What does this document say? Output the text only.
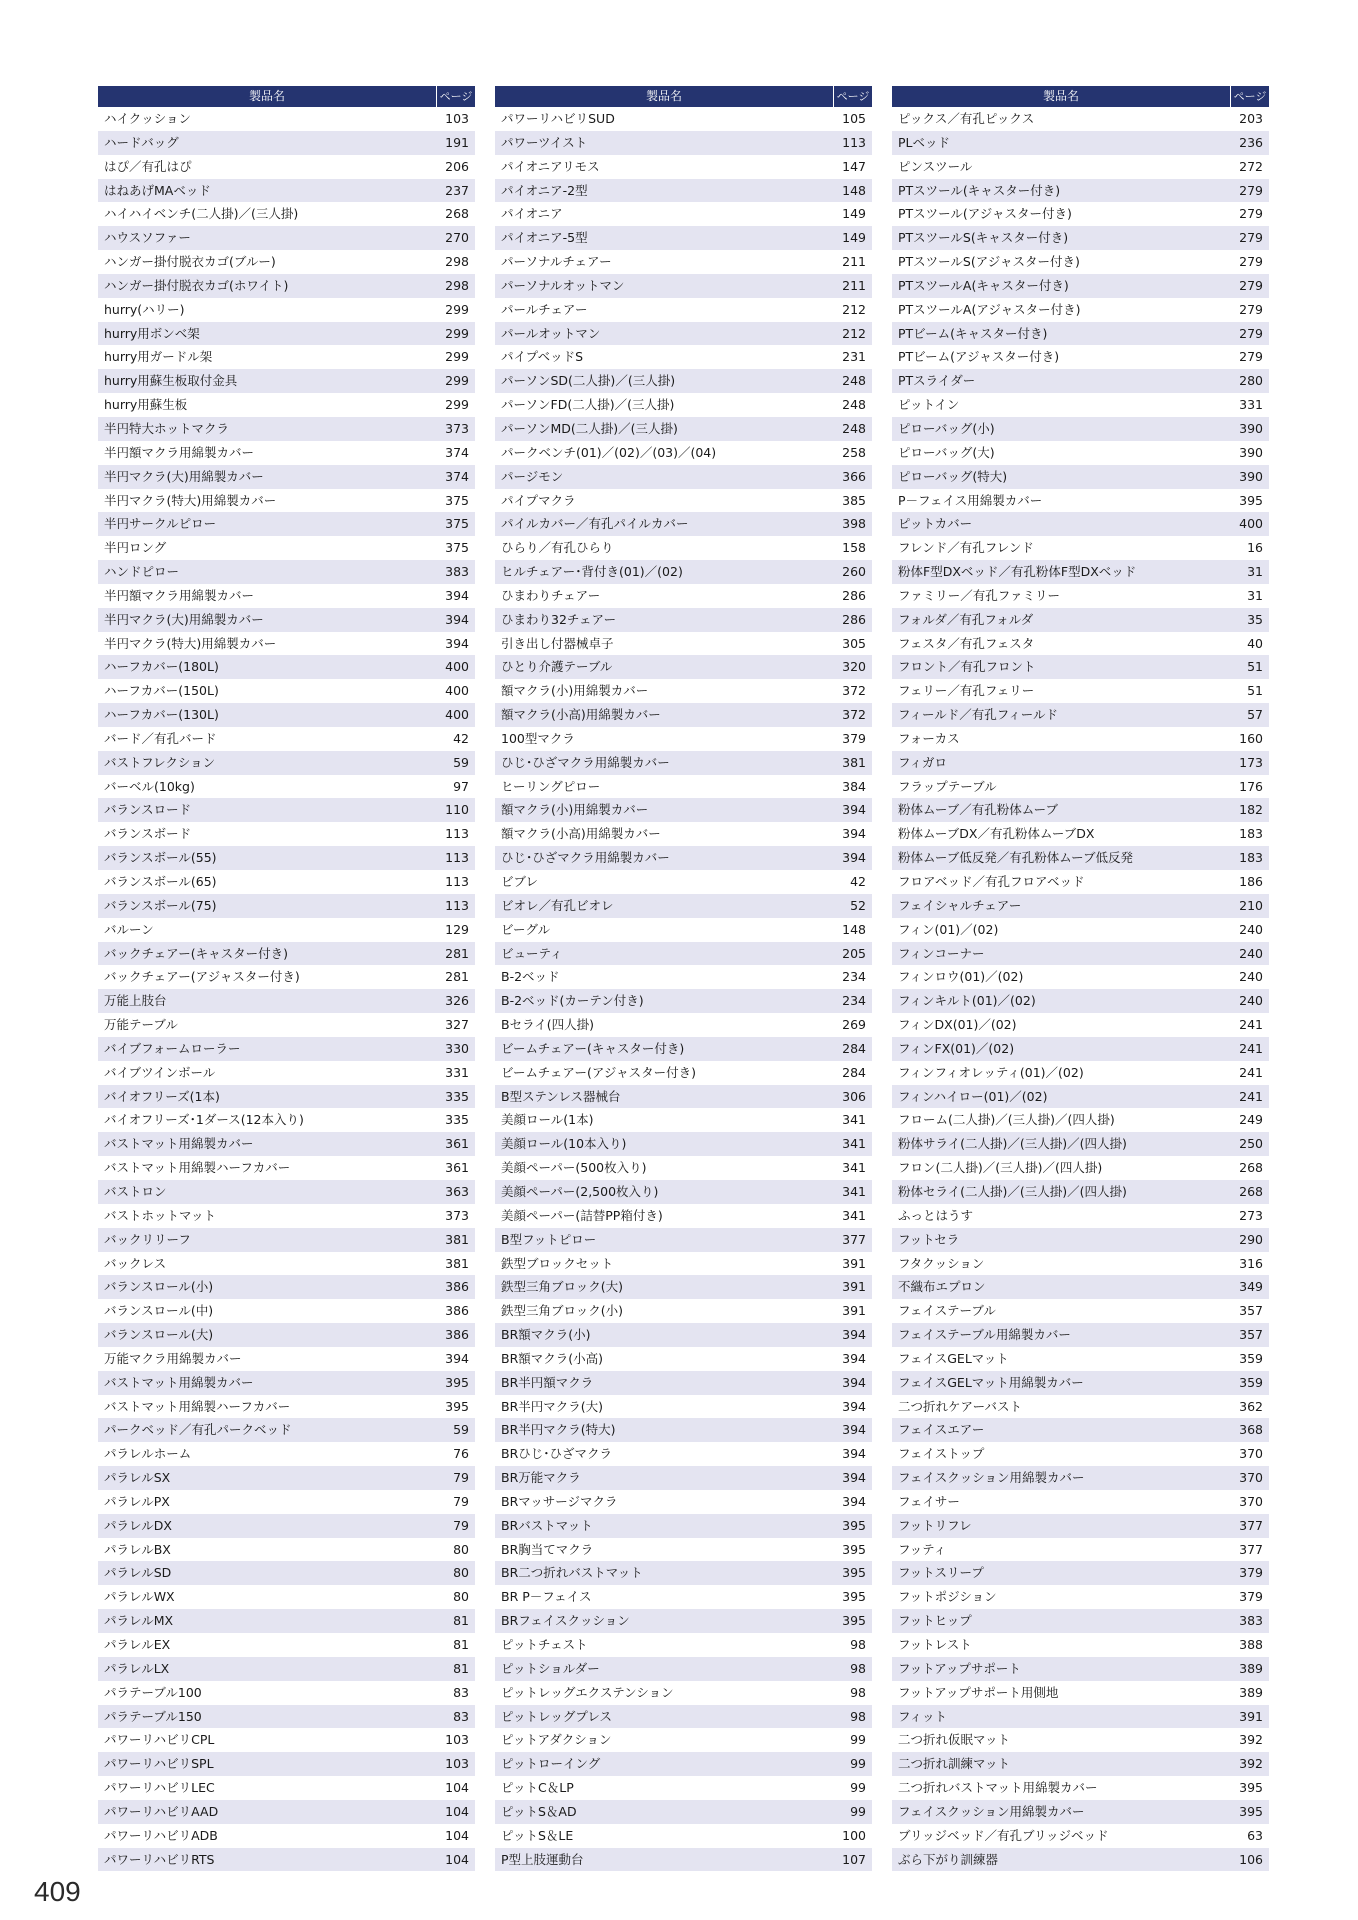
製品名	ページ
ハイクッション	103
ハードバッグ	191
はぴ／有孔はぴ	206
はねあげMAベッド	237
ハイハイベンチ(二人掛)／(三人掛)	268
ハウスソファー	270
ハンガー掛付脱衣カゴ(ブルー)	298
ハンガー掛付脱衣カゴ(ホワイト)	298
hurry(ハリー)	299
hurry用ボンベ架	299
hurry用ガードル架	299
hurry用蘇生板取付金具	299
hurry用蘇生板	299
半円特大ホットマクラ	373
半円額マクラ用綿製カバー	374
半円マクラ(大)用綿製カバー	374
半円マクラ(特大)用綿製カバー	375
半円サークルピロー	375
半円ロング	375
ハンドピロー	383
半円額マクラ用綿製カバー	394
半円マクラ(大)用綿製カバー	394
半円マクラ(特大)用綿製カバー	394
ハーフカバー(180L)	400
ハーフカバー(150L)	400
ハーフカバー(130L)	400
バード／有孔バード	42
バストフレクション	59
バーベル(10kg)	97
バランスロード	110
バランスボード	113
バランスボール(55)	113
バランスボール(65)	113
バランスボール(75)	113
バルーン	129
バックチェアー(キャスター付き)	281
バックチェアー(アジャスター付き)	281
万能上肢台	326
万能テーブル	327
バイブフォームローラー	330
バイブツインボール	331
バイオフリーズ(1本)	335
バイオフリーズ･1ダース(12本入り)	335
バストマット用綿製カバー	361
バストマット用綿製ハーフカバー	361
バストロン	363
バストホットマット	373
バックリリーフ	381
バックレス	381
バランスロール(小)	386
バランスロール(中)	386
バランスロール(大)	386
万能マクラ用綿製カバー	394
バストマット用綿製カバー	395
バストマット用綿製ハーフカバー	395
パークベッド／有孔パークベッド	59
パラレルホーム	76
パラレルSX	79
パラレルPX	79
パラレルDX	79
パラレルBX	80
パラレルSD	80
パラレルWX	80
パラレルMX	81
パラレルEX	81
パラレルLX	81
パラテーブル100	83
パラテーブル150	83
パワーリハビリCPL	103
パワーリハビリSPL	103
パワーリハビリLEC	104
パワーリハビリAAD	104
パワーリハビリADB	104
パワーリハビリRTS	104
製品名	ページ
パワーリハビリSUD	105
パワーツイスト	113
パイオニアリモス	147
パイオニア-2型	148
パイオニア	149
パイオニア-5型	149
パーソナルチェアー	211
パーソナルオットマン	211
パールチェアー	212
パールオットマン	212
パイプベッドS	231
パーソンSD(二人掛)／(三人掛)	248
パーソンFD(二人掛)／(三人掛)	248
パーソンMD(二人掛)／(三人掛)	248
パークベンチ(01)／(02)／(03)／(04)	258
パージモン	366
パイプマクラ	385
パイルカバー／有孔パイルカバー	398
ひらり／有孔ひらり	158
ヒルチェアー･背付き(01)／(02)	260
ひまわりチェアー	286
ひまわり32チェアー	286
引き出し付器械卓子	305
ひとり介護テーブル	320
額マクラ(小)用綿製カバー	372
額マクラ(小高)用綿製カバー	372
100型マクラ	379
ひじ･ひざマクラ用綿製カバー	381
ヒーリングピロー	384
額マクラ(小)用綿製カバー	394
額マクラ(小高)用綿製カバー	394
ひじ･ひざマクラ用綿製カバー	394
ビブレ	42
ビオレ／有孔ビオレ	52
ビーグル	148
ビューティ	205
B-2ベッド	234
B-2ベッド(カーテン付き)	234
Bセライ(四人掛)	269
ビームチェアー(キャスター付き)	284
ビームチェアー(アジャスター付き)	284
B型ステンレス器械台	306
美顔ロール(1本)	341
美顔ロール(10本入り)	341
美顔ペーパー(500枚入り)	341
美顔ペーパー(2,500枚入り)	341
美顔ペーパー(詰替PP箱付き)	341
B型フットピロー	377
鉄型ブロックセット	391
鉄型三角ブロック(大)	391
鉄型三角ブロック(小)	391
BR額マクラ(小)	394
BR額マクラ(小高)	394
BR半円額マクラ	394
BR半円マクラ(大)	394
BR半円マクラ(特大)	394
BRひじ･ひざマクラ	394
BR万能マクラ	394
BRマッサージマクラ	394
BRバストマット	395
BR胸当てマクラ	395
BR二つ折れバストマット	395
BR P－フェイス	395
BRフェイスクッション	395
ピットチェスト	98
ピットショルダー	98
ピットレッグエクステンション	98
ピットレッグプレス	98
ピットアダクション	99
ピットローイング	99
ピットC＆LP	99
ピットS＆AD	99
ピットS＆LE	100
P型上肢運動台	107
製品名	ページ
ピックス／有孔ピックス	203
PLベッド	236
ピンスツール	272
PTスツール(キャスター付き)	279
PTスツール(アジャスター付き)	279
PTスツールS(キャスター付き)	279
PTスツールS(アジャスター付き)	279
PTスツールA(キャスター付き)	279
PTスツールA(アジャスター付き)	279
PTビーム(キャスター付き)	279
PTビーム(アジャスター付き)	279
PTスライダー	280
ピットイン	331
ピローバッグ(小)	390
ピローバッグ(大)	390
ピローバッグ(特大)	390
P－フェイス用綿製カバー	395
ピットカバー	400
フレンド／有孔フレンド	16
粉体F型DXベッド／有孔粉体F型DXベッド	31
ファミリー／有孔ファミリー	31
フォルダ／有孔フォルダ	35
フェスタ／有孔フェスタ	40
フロント／有孔フロント	51
フェリー／有孔フェリー	51
フィールド／有孔フィールド	57
フォーカス	160
フィガロ	173
フラップテーブル	176
粉体ムーブ／有孔粉体ムーブ	182
粉体ムーブDX／有孔粉体ムーブDX	183
粉体ムーブ低反発／有孔粉体ムーブ低反発	183
フロアベッド／有孔フロアベッド	186
フェイシャルチェアー	210
フィン(01)／(02)	240
フィンコーナー	240
フィンロウ(01)／(02)	240
フィンキルト(01)／(02)	240
フィンDX(01)／(02)	241
フィンFX(01)／(02)	241
フィンフィオレッティ(01)／(02)	241
フィンハイロー(01)／(02)	241
フローム(二人掛)／(三人掛)／(四人掛)	249
粉体サライ(二人掛)／(三人掛)／(四人掛)	250
フロン(二人掛)／(三人掛)／(四人掛)	268
粉体セライ(二人掛)／(三人掛)／(四人掛)	268
ふっとはうす	273
フットセラ	290
フタクッション	316
不織布エプロン	349
フェイステーブル	357
フェイステーブル用綿製カバー	357
フェイスGELマット	359
フェイスGELマット用綿製カバー	359
二つ折れケアーバスト	362
フェイスエアー	368
フェイストップ	370
フェイスクッション用綿製カバー	370
フェイサー	370
フットリフレ	377
フッティ	377
フットスリープ	379
フットポジション	379
フットヒップ	383
フットレスト	388
フットアップサポート	389
フットアップサポート用側地	389
フィット	391
二つ折れ仮眠マット	392
二つ折れ訓練マット	392
二つ折れバストマット用綿製カバー	395
フェイスクッション用綿製カバー	395
ブリッジベッド／有孔ブリッジベッド	63
ぶら下がり訓練器	106
409
